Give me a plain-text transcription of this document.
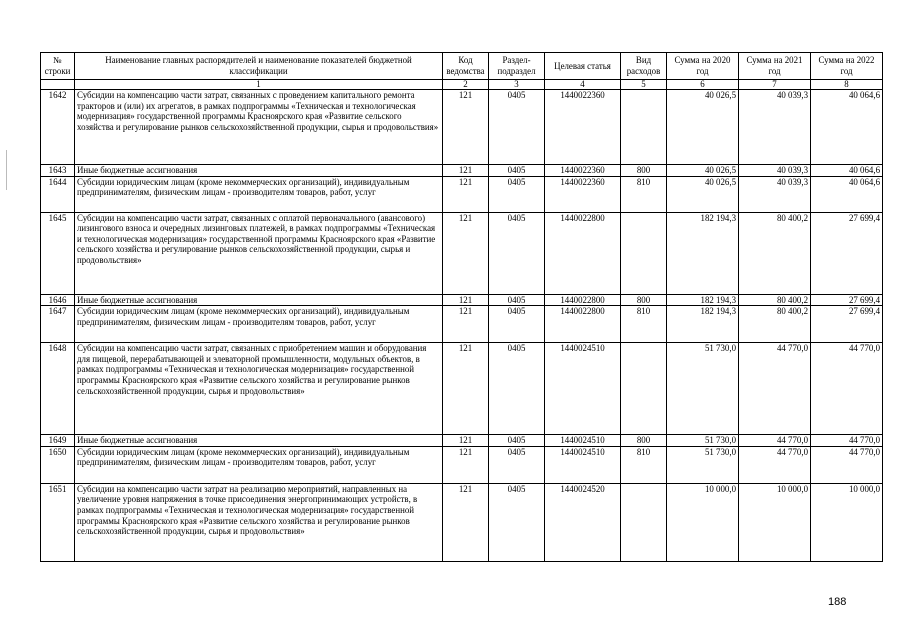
№ строки	Наименование главных распорядителей и наименование показателей бюджетной классификации	Код ведомства	Раздел-подраздел	Целевая статья	Вид расходов	Сумма на 2020 год	Сумма на 2021 год	Сумма на 2022 год
	1	2	3	4	5	6	7	8
1642	Субсидии на компенсацию части затрат, связанных с проведением капитального ремонта тракторов и (или) их агрегатов, в рамках подпрограммы «Техническая и технологическая модернизация» государственной программы Красноярского края «Развитие сельского хозяйства и регулирование рынков сельскохозяйственной продукции, сырья и продовольствия»	121	0405	1440022360		40 026,5	40 039,3	40 064,6
1643	Иные бюджетные ассигнования	121	0405	1440022360	800	40 026,5	40 039,3	40 064,6
1644	Субсидии юридическим лицам (кроме некоммерческих организаций), индивидуальным предпринимателям, физическим лицам - производителям товаров, работ, услуг	121	0405	1440022360	810	40 026,5	40 039,3	40 064,6
1645	Субсидии на компенсацию части затрат, связанных с оплатой первоначального (авансового) лизингового взноса и очередных лизинговых платежей, в рамках подпрограммы «Техническая и технологическая модернизация» государственной программы Красноярского края «Развитие сельского хозяйства и регулирование рынков сельскохозяйственной продукции, сырья и продовольствия»	121	0405	1440022800		182 194,3	80 400,2	27 699,4
1646	Иные бюджетные ассигнования	121	0405	1440022800	800	182 194,3	80 400,2	27 699,4
1647	Субсидии юридическим лицам (кроме некоммерческих организаций), индивидуальным предпринимателям, физическим лицам - производителям товаров, работ, услуг	121	0405	1440022800	810	182 194,3	80 400,2	27 699,4
1648	Субсидии на компенсацию части затрат, связанных с приобретением машин и оборудования для пищевой, перерабатывающей и элеваторной промышленности, модульных объектов, в рамках подпрограммы «Техническая и технологическая модернизация» государственной программы Красноярского края «Развитие сельского хозяйства и регулирование рынков сельскохозяйственной продукции, сырья и продовольствия»	121	0405	1440024510		51 730,0	44 770,0	44 770,0
1649	Иные бюджетные ассигнования	121	0405	1440024510	800	51 730,0	44 770,0	44 770,0
1650	Субсидии юридическим лицам (кроме некоммерческих организаций), индивидуальным предпринимателям, физическим лицам - производителям товаров, работ, услуг	121	0405	1440024510	810	51 730,0	44 770,0	44 770,0
1651	Субсидии на компенсацию части затрат на реализацию мероприятий, направленных на увеличение уровня напряжения в точке присоединения энергопринимающих устройств, в рамках подпрограммы «Техническая и технологическая модернизация» государственной программы Красноярского края «Развитие сельского хозяйства и регулирование рынков сельскохозяйственной продукции, сырья и продовольствия»	121	0405	1440024520		10 000,0	10 000,0	10 000,0
188
